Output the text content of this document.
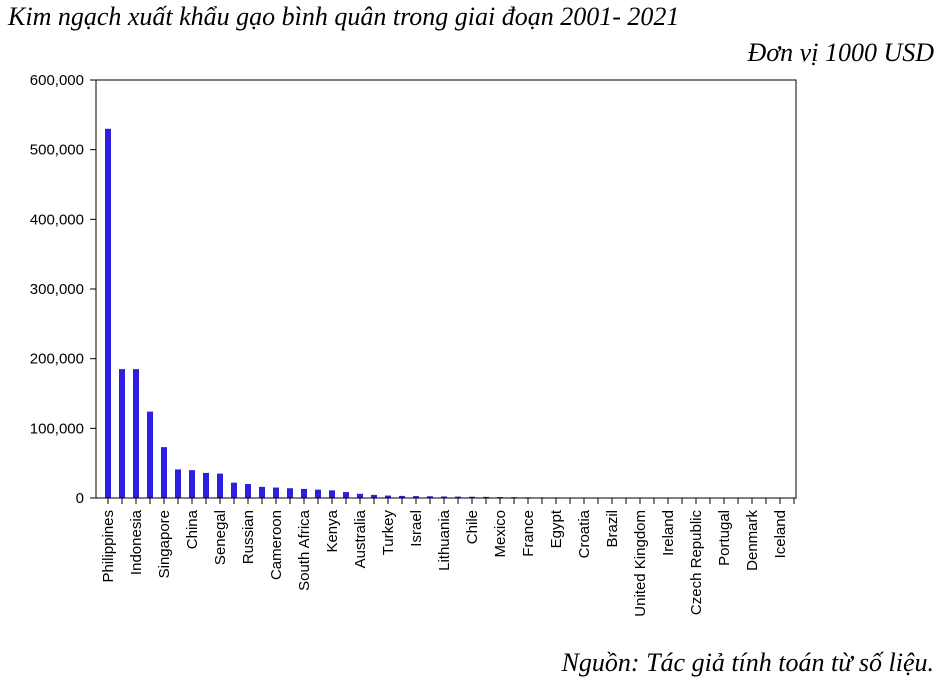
Kim ngạch xuất khẩu gạo bình quân trong giai đoạn 2001- 2021
Đơn vị 1000 USD
0
100,000
200,000
300,000
400,000
500,000
600,000
Philippines Indonesia Singapore China Senegal Russian Cameroon South Africa Kenya Australia Turkey Israel Lithuania Chile Mexico France Egypt Croatia Brazil United Kingdom Ireland Czech Republic Portugal Denmark Iceland
Nguồn: Tác giả tính toán từ số liệu.
